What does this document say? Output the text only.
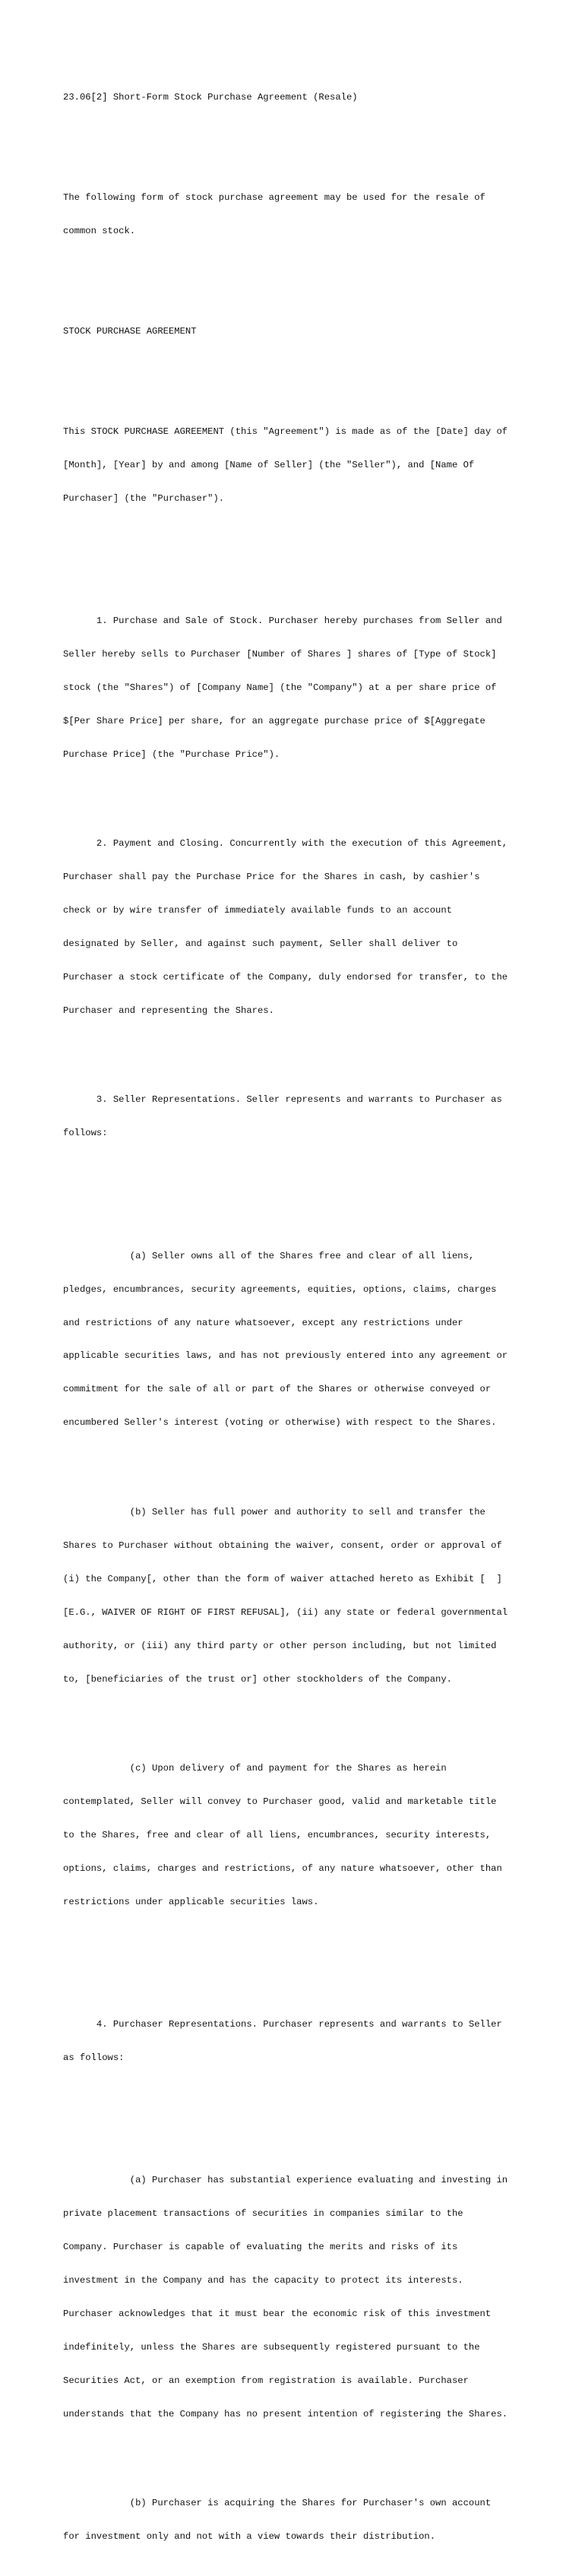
23.06[2] Short-Form Stock Purchase Agreement (Resale)

The following form of stock purchase agreement may be used for the resale of

common stock.

STOCK PURCHASE AGREEMENT

This STOCK PURCHASE AGREEMENT (this "Agreement") is made as of the [Date] day of

[Month], [Year] by and among [Name of Seller] (the "Seller"), and [Name Of

Purchaser] (the "Purchaser").

1. Purchase and Sale of Stock. Purchaser hereby purchases from Seller and

Seller hereby sells to Purchaser [Number of Shares ] shares of [Type of Stock]

stock (the "Shares") of [Company Name] (the "Company") at a per share price of

$[Per Share Price] per share, for an aggregate purchase price of $[Aggregate

Purchase Price] (the "Purchase Price").

2. Payment and Closing. Concurrently with the execution of this Agreement,

Purchaser shall pay the Purchase Price for the Shares in cash, by cashier's

check or by wire transfer of immediately available funds to an account

designated by Seller, and against such payment, Seller shall deliver to

Purchaser a stock certificate of the Company, duly endorsed for transfer, to the

Purchaser and representing the Shares.

3. Seller Representations. Seller represents and warrants to Purchaser as

follows:

(a) Seller owns all of the Shares free and clear of all liens,

pledges, encumbrances, security agreements, equities, options, claims, charges

and restrictions of any nature whatsoever, except any restrictions under

applicable securities laws, and has not previously entered into any agreement or

commitment for the sale of all or part of the Shares or otherwise conveyed or

encumbered Seller's interest (voting or otherwise) with respect to the Shares.

(b) Seller has full power and authority to sell and transfer the

Shares to Purchaser without obtaining the waiver, consent, order or approval of

(i) the Company[, other than the form of waiver attached hereto as Exhibit [  ]

[E.G., WAIVER OF RIGHT OF FIRST REFUSAL], (ii) any state or federal governmental

authority, or (iii) any third party or other person including, but not limited

to, [beneficiaries of the trust or] other stockholders of the Company.

(c) Upon delivery of and payment for the Shares as herein

contemplated, Seller will convey to Purchaser good, valid and marketable title

to the Shares, free and clear of all liens, encumbrances, security interests,

options, claims, charges and restrictions, of any nature whatsoever, other than

restrictions under applicable securities laws.

4. Purchaser Representations. Purchaser represents and warrants to Seller

as follows:

(a) Purchaser has substantial experience evaluating and investing in

private placement transactions of securities in companies similar to the

Company. Purchaser is capable of evaluating the merits and risks of its

investment in the Company and has the capacity to protect its interests.

Purchaser acknowledges that it must bear the economic risk of this investment

indefinitely, unless the Shares are subsequently registered pursuant to the

Securities Act, or an exemption from registration is available. Purchaser

understands that the Company has no present intention of registering the Shares.

(b) Purchaser is acquiring the Shares for Purchaser's own account

for investment only and not with a view towards their distribution.
